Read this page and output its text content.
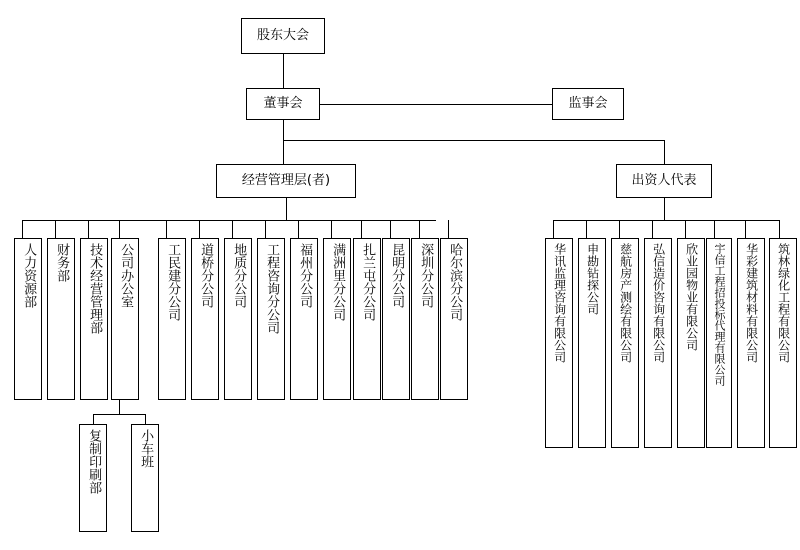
股东大会
董事会	监事会
经营管理层(者)	出资人代表
人力资源部	财务部	技术经营管理部	公司办公室	工民建分公司	道桥分公司	地质分公司	工程咨询分公司	福州分公司	满洲里分公司	扎兰屯分公司	昆明分公司	深圳分公司	哈尔滨分公司
复制印刷部	小车班
华讯监理咨询有限公司	申勘钻探公司	慈航房产测绘有限公司	弘信造价咨询有限公司	欣业园物业有限公司	宇信工程招投标代理有限公司	华彩建筑材料有限公司	筑林绿化工程有限公司
